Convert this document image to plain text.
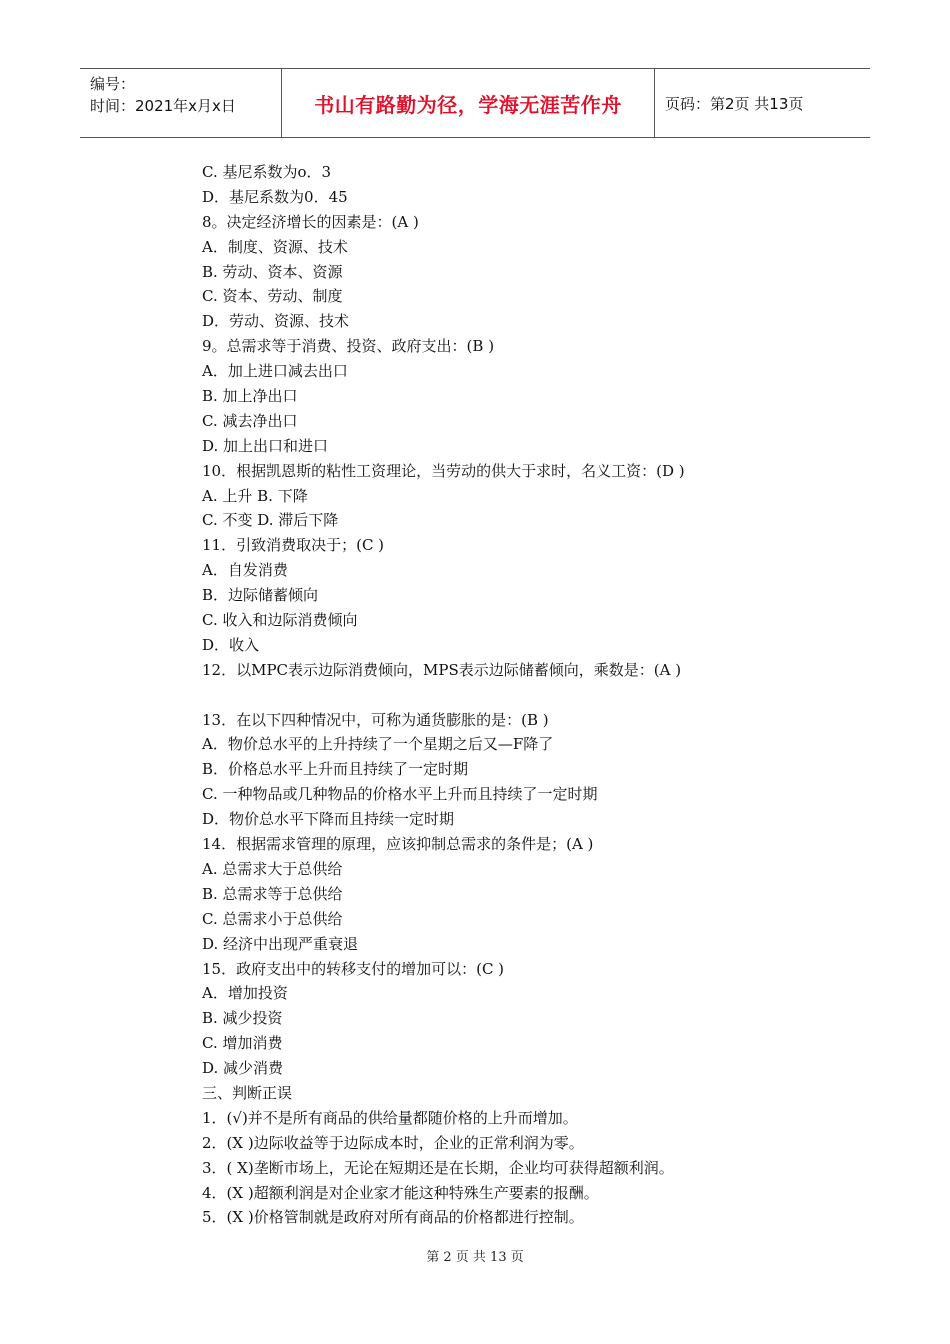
编号：
时间：2021年x月x日	书山有路勤为径，学海无涯苦作舟	页码：第2页 共13页
C. 基尼系数为o．3
D．基尼系数为0．45
8。决定经济增长的因素是：(A )
A．制度、资源、技术
B. 劳动、资本、资源
C. 资本、劳动、制度
D．劳动、资源、技术
9。总需求等于消费、投资、政府支出：(B )
A．加上进口减去出口
B. 加上净出口
C. 减去净出口
D. 加上出口和进口
10．根据凯恩斯的粘性工资理论，当劳动的供大于求时，名义工资：(D )
A. 上升 B. 下降
C. 不变 D. 滞后下降
11．引致消费取决于；(C )
A．自发消费
B．边际储蓄倾向
C. 收入和边际消费倾向
D．收入
12．以MPC表示边际消费倾向，MPS表示边际储蓄倾向，乘数是：(A )
13．在以下四种情况中，可称为通货膨胀的是：(B )
A．物价总水平的上升持续了一个星期之后又—F降了
B．价格总水平上升而且持续了一定时期
C. 一种物品或几种物品的价格水平上升而且持续了一定时期
D．物价总水平下降而且持续一定时期
14．根据需求管理的原理，应该抑制总需求的条件是；(A )
A. 总需求大于总供给
B. 总需求等于总供给
C. 总需求小于总供给
D. 经济中出现严重衰退
15．政府支出中的转移支付的增加可以：(C )
A．增加投资
B. 减少投资
C. 增加消费
D. 减少消费
三、判断正误
1．(√)并不是所有商品的供给量都随价格的上升而增加。
2．(X )边际收益等于边际成本时，企业的正常利润为零。
3．( X)垄断市场上，无论在短期还是在长期，企业均可获得超额利润。
4．(X )超额利润是对企业家才能这种特殊生产要素的报酬。
5．(X )价格管制就是政府对所有商品的价格都进行控制。
第 2 页 共 13 页
